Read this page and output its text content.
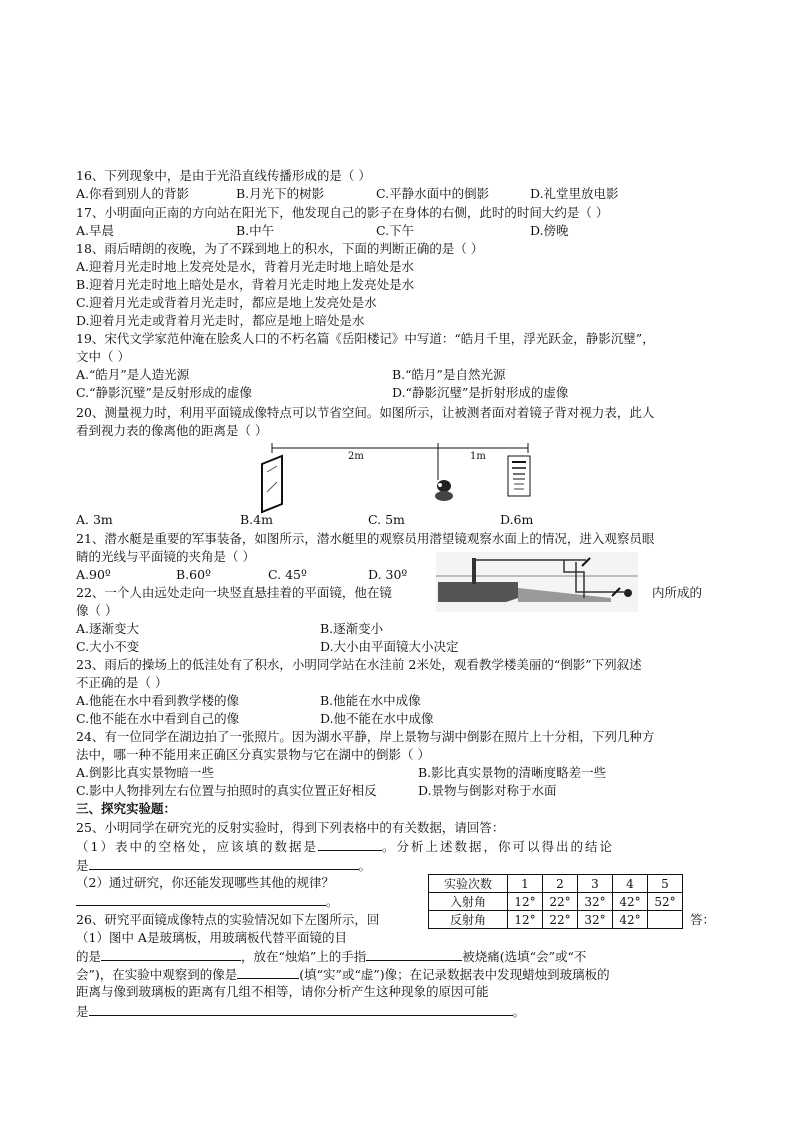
16、下列现象中，是由于光沿直线传播形成的是（ ）
A.你看到别人的背影	B.月光下的树影	C.平静水面中的倒影	D.礼堂里放电影
17、小明面向正南的方向站在阳光下，他发现自己的影子在身体的右侧，此时的时间大约是（ ）
A.早晨	B.中午	C.下午	D.傍晚
18、雨后晴朗的夜晚，为了不踩到地上的积水，下面的判断正确的是（ ）
A.迎着月光走时地上发亮处是水，背着月光走时地上暗处是水
B.迎着月光走时地上暗处是水，背着月光走时地上发亮处是水
C.迎着月光走或背着月光走时，都应是地上发亮处是水
D.迎着月光走或背着月光走时，都应是地上暗处是水
19、宋代文学家范仲淹在脍炙人口的不朽名篇《岳阳楼记》中写道：“皓月千里，浮光跃金，静影沉璧”，
文中（ ）
A.“皓月”是人造光源	B.“皓月”是自然光源
C.“静影沉璧”是反射形成的虚像	D.“静影沉璧”是折射形成的虚像
20、测量视力时，利用平面镜成像特点可以节省空间。如图所示，让被测者面对着镜子背对视力表，此人
看到视力表的像离他的距离是（ ）
2m	1m
A. 3m	B.4m	C. 5m	D.6m
21、潜水艇是重要的军事装备，如图所示，潜水艇里的观察员用潜望镜观察水面上的情况，进入观察员眼
睛的光线与平面镜的夹角是（ ）
A.90º	B.60º	C. 45º	D. 30º
22、一个人由远处走向一块竖直悬挂着的平面镜，他在镜	内所成的
像（ ）
A.逐渐变大	B.逐渐变小
C.大小不变	D.大小由平面镜大小决定
23、雨后的操场上的低洼处有了积水，小明同学站在水洼前 2米处，观看教学楼美丽的“倒影”下列叙述
不正确的是（ ）
A.他能在水中看到教学楼的像	B.他能在水中成像
C.他不能在水中看到自己的像	D.他不能在水中成像
24、有一位同学在湖边拍了一张照片。因为湖水平静，岸上景物与湖中倒影在照片上十分相，下列几种方
法中，哪一种不能用来正确区分真实景物与它在湖中的倒影（ ）
A.倒影比真实景物暗一些	B.影比真实景物的清晰度略差一些
C.影中人物排列左右位置与拍照时的真实位置正好相反	D.景物与倒影对称于水面
三、探究实验题：
25、小明同学在研究光的反射实验时，得到下列表格中的有关数据，请回答：
（1）表中的空格处，应该填的数据是	。分析上述数据，你可以得出的结论
是	。
（2）通过研究，你还能发现哪些其他的规律？
。
实验次数	1	2	3	4	5
入射角	12°	22°	32°	42°	52°
反射角	12°	22°	32°	42°	
26、研究平面镜成像特点的实验情况如下左图所示，回	答：
（1）图中 A是玻璃板，用玻璃板代替平面镜的目
的是	，放在“烛焰”上的手指	被烧痛(选填“会”或“不
会”)，在实验中观察到的像是	(填“实”或“虚”)像；在记录数据表中发现蜡烛到玻璃板的
距离与像到玻璃板的距离有几组不相等，请你分析产生这种现象的原因可能
是	。
